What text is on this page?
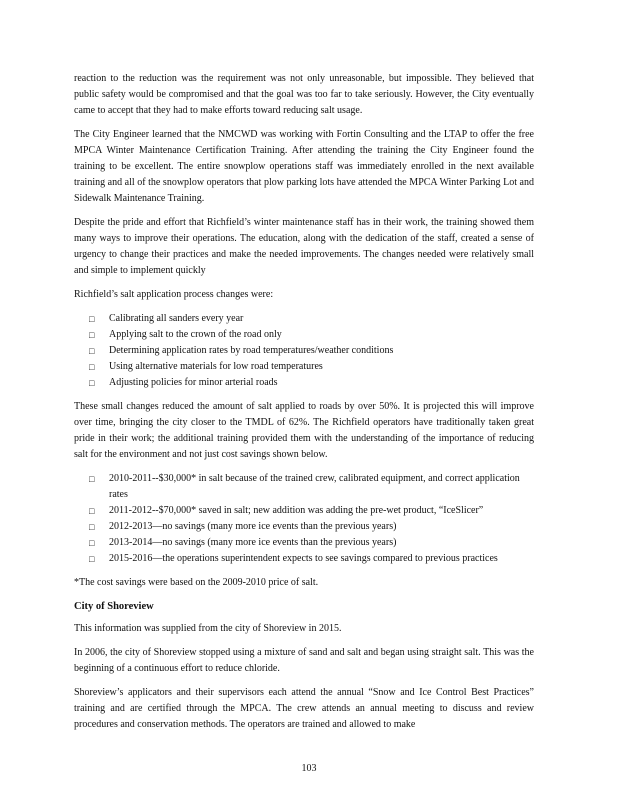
reaction to the reduction was the requirement was not only unreasonable, but impossible. They believed that public safety would be compromised and that the goal was too far to take seriously. However, the City eventually came to accept that they had to make efforts toward reducing salt usage.

The City Engineer learned that the NMCWD was working with Fortin Consulting and the LTAP to offer the free MPCA Winter Maintenance Certification Training. After attending the training the City Engineer found the training to be excellent. The entire snowplow operations staff was immediately enrolled in the next available training and all of the snowplow operators that plow parking lots have attended the MPCA Winter Parking Lot and Sidewalk Maintenance Training.

Despite the pride and effort that Richfield’s winter maintenance staff has in their work, the training showed them many ways to improve their operations. The education, along with the dedication of the staff, created a sense of urgency to change their practices and make the needed improvements. The changes needed were relatively small and simple to implement quickly

Richfield’s salt application process changes were:

□ Calibrating all sanders every year
□ Applying salt to the crown of the road only
□ Determining application rates by road temperatures/weather conditions
□ Using alternative materials for low road temperatures
□ Adjusting policies for minor arterial roads

These small changes reduced the amount of salt applied to roads by over 50%. It is projected this will improve over time, bringing the city closer to the TMDL of 62%. The Richfield operators have traditionally taken great pride in their work; the additional training provided them with the understanding of the importance of reducing salt for the environment and not just cost savings shown below.

□ 2010-2011--$30,000* in salt because of the trained crew, calibrated equipment, and correct application rates
□ 2011-2012--$70,000* saved in salt; new addition was adding the pre-wet product, “IceSlicer”
□ 2012-2013—no savings (many more ice events than the previous years)
□ 2013-2014—no savings (many more ice events than the previous years)
□ 2015-2016—the operations superintendent expects to see savings compared to previous practices

*The cost savings were based on the 2009-2010 price of salt.

City of Shoreview

This information was supplied from the city of Shoreview in 2015.

In 2006, the city of Shoreview stopped using a mixture of sand and salt and began using straight salt. This was the beginning of a continuous effort to reduce chloride.

Shoreview’s applicators and their supervisors each attend the annual “Snow and Ice Control Best Practices” training and are certified through the MPCA. The crew attends an annual meeting to discuss and review procedures and conservation methods. The operators are trained and allowed to make

103
